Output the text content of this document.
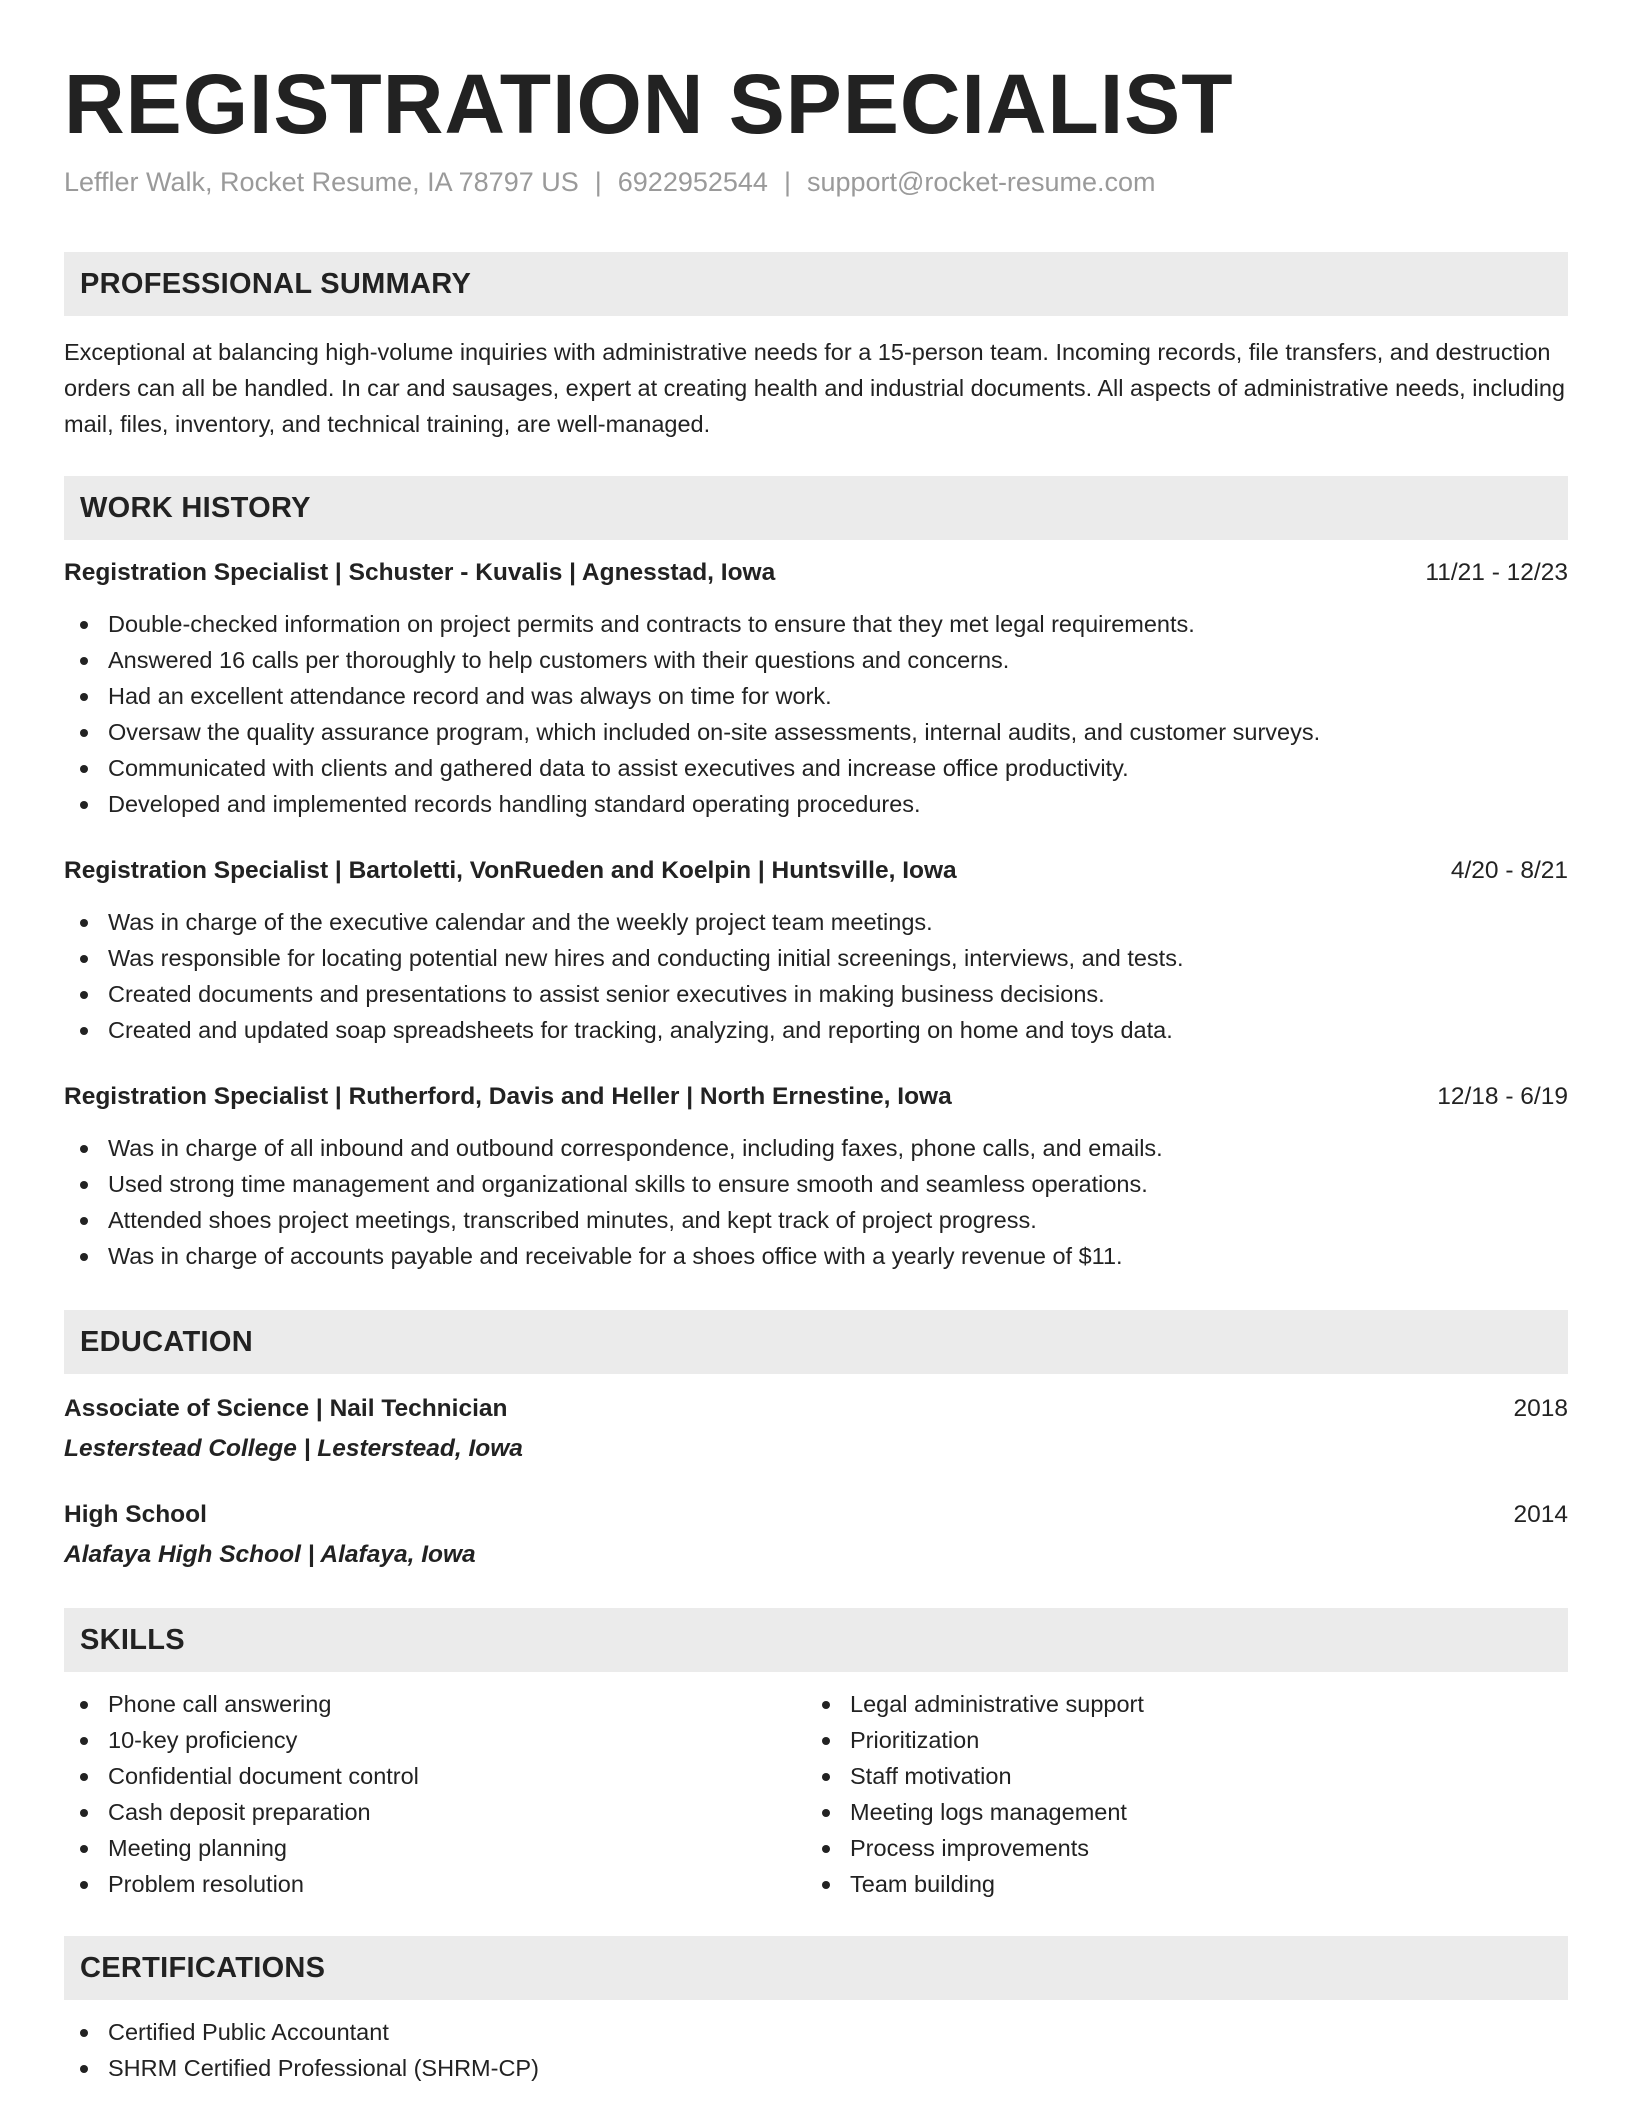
REGISTRATION SPECIALIST
Leffler Walk, Rocket Resume, IA 78797 US | 6922952544 | support@rocket-resume.com
PROFESSIONAL SUMMARY

Exceptional at balancing high-volume inquiries with administrative needs for a 15-person team. Incoming records, file transfers, and destruction orders can all be handled. In car and sausages, expert at creating health and industrial documents. All aspects of administrative needs, including mail, files, inventory, and technical training, are well-managed.

WORK HISTORY
Registration Specialist | Schuster - Kuvalis | Agnesstad, Iowa	11/21 - 12/23
Double-checked information on project permits and contracts to ensure that they met legal requirements.
Answered 16 calls per thoroughly to help customers with their questions and concerns.
Had an excellent attendance record and was always on time for work.
Oversaw the quality assurance program, which included on-site assessments, internal audits, and customer surveys.
Communicated with clients and gathered data to assist executives and increase office productivity.
Developed and implemented records handling standard operating procedures.
Registration Specialist | Bartoletti, VonRueden and Koelpin | Huntsville, Iowa	4/20 - 8/21
Was in charge of the executive calendar and the weekly project team meetings.
Was responsible for locating potential new hires and conducting initial screenings, interviews, and tests.
Created documents and presentations to assist senior executives in making business decisions.
Created and updated soap spreadsheets for tracking, analyzing, and reporting on home and toys data.
Registration Specialist | Rutherford, Davis and Heller | North Ernestine, Iowa	12/18 - 6/19
Was in charge of all inbound and outbound correspondence, including faxes, phone calls, and emails.
Used strong time management and organizational skills to ensure smooth and seamless operations.
Attended shoes project meetings, transcribed minutes, and kept track of project progress.
Was in charge of accounts payable and receivable for a shoes office with a yearly revenue of $11.
EDUCATION
Associate of Science | Nail Technician	2018
Lesterstead College | Lesterstead, Iowa
High School	2014
Alafaya High School | Alafaya, Iowa
SKILLS
Phone call answering
10-key proficiency
Confidential document control
Cash deposit preparation
Meeting planning
Problem resolution
Legal administrative support
Prioritization
Staff motivation
Meeting logs management
Process improvements
Team building
CERTIFICATIONS
Certified Public Accountant
SHRM Certified Professional (SHRM-CP)
